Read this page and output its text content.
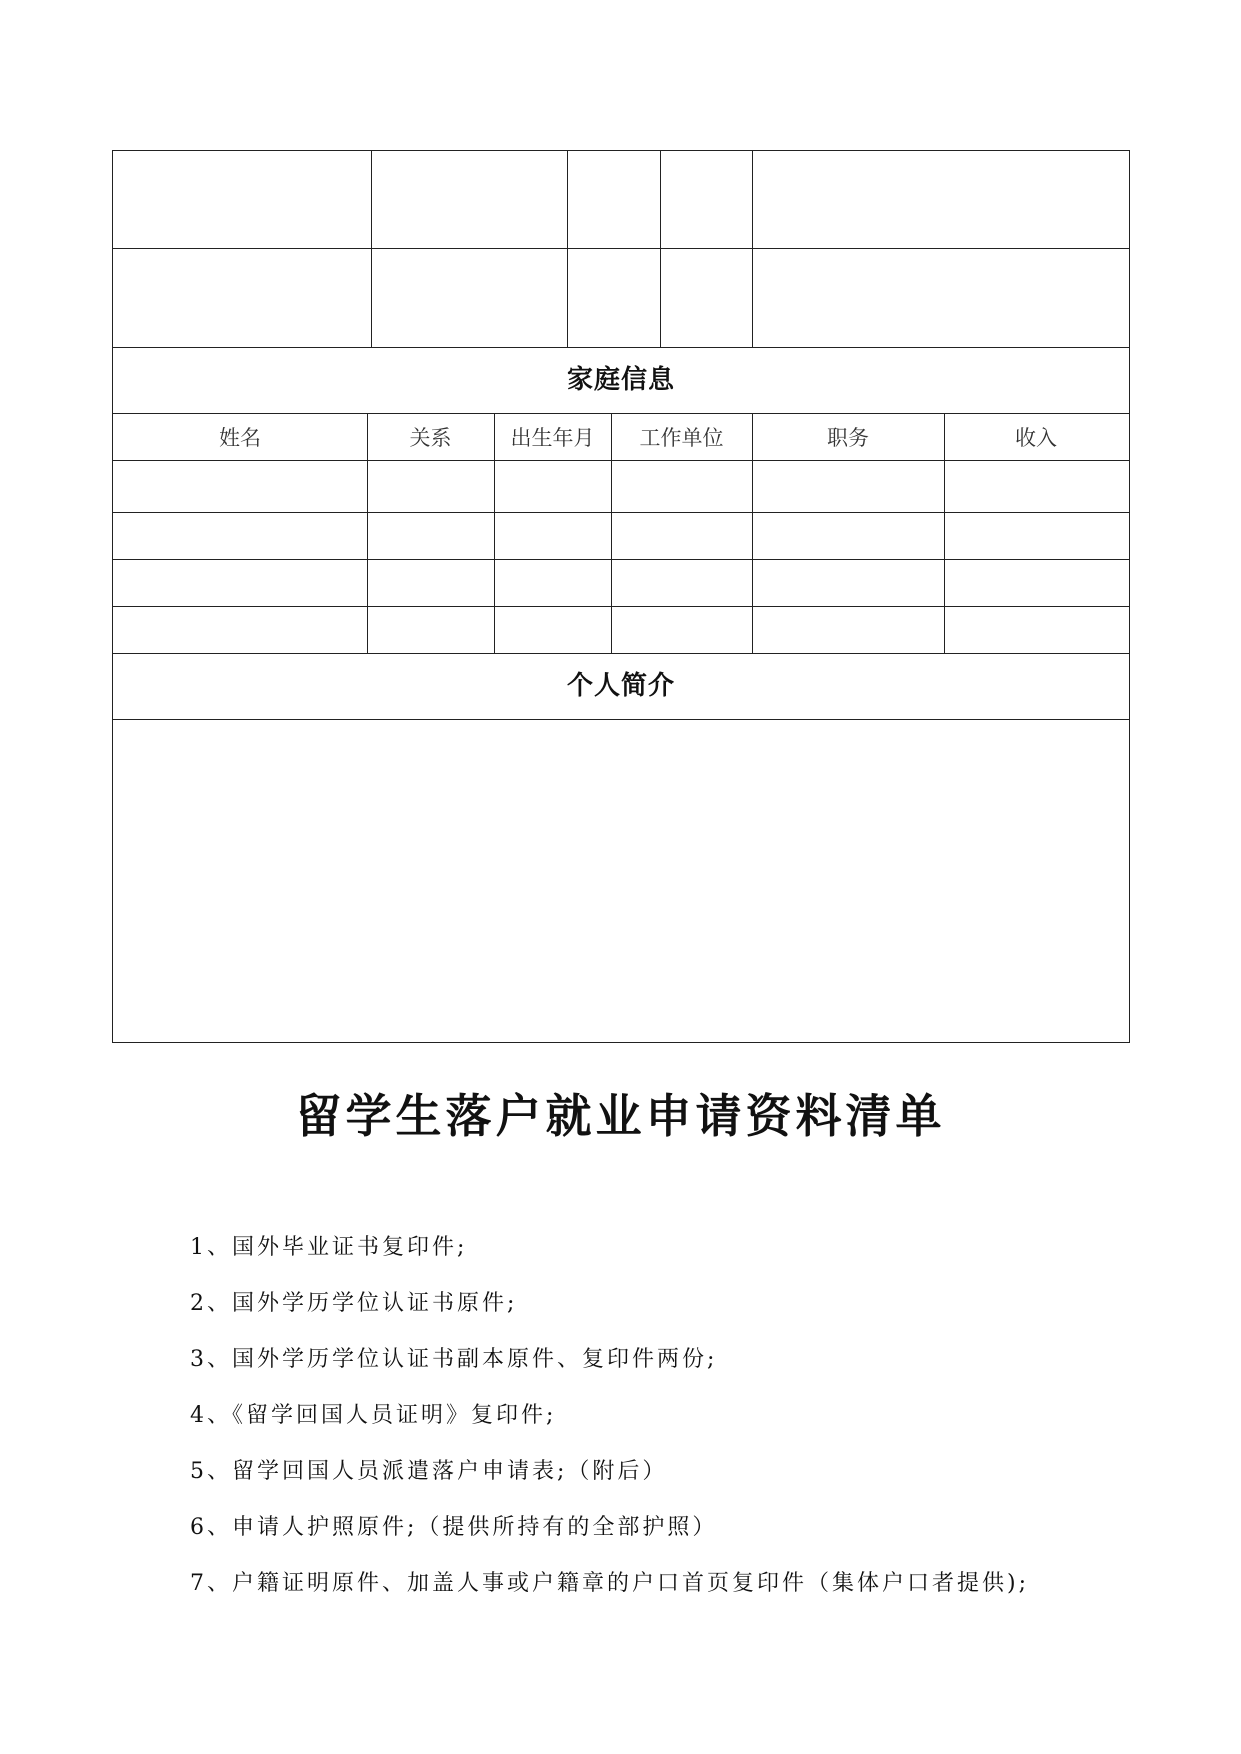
家庭信息
姓名	关系	出生年月	工作单位	职务	收入
个人简介
留学生落户就业申请资料清单
1、国外毕业证书复印件;
2、国外学历学位认证书原件;
3、国外学历学位认证书副本原件、复印件两份;
4、《留学回国人员证明》复印件;
5、留学回国人员派遣落户申请表;（附后）
6、申请人护照原件;（提供所持有的全部护照）
7、户籍证明原件、加盖人事或户籍章的户口首页复印件（集体户口者提供);
